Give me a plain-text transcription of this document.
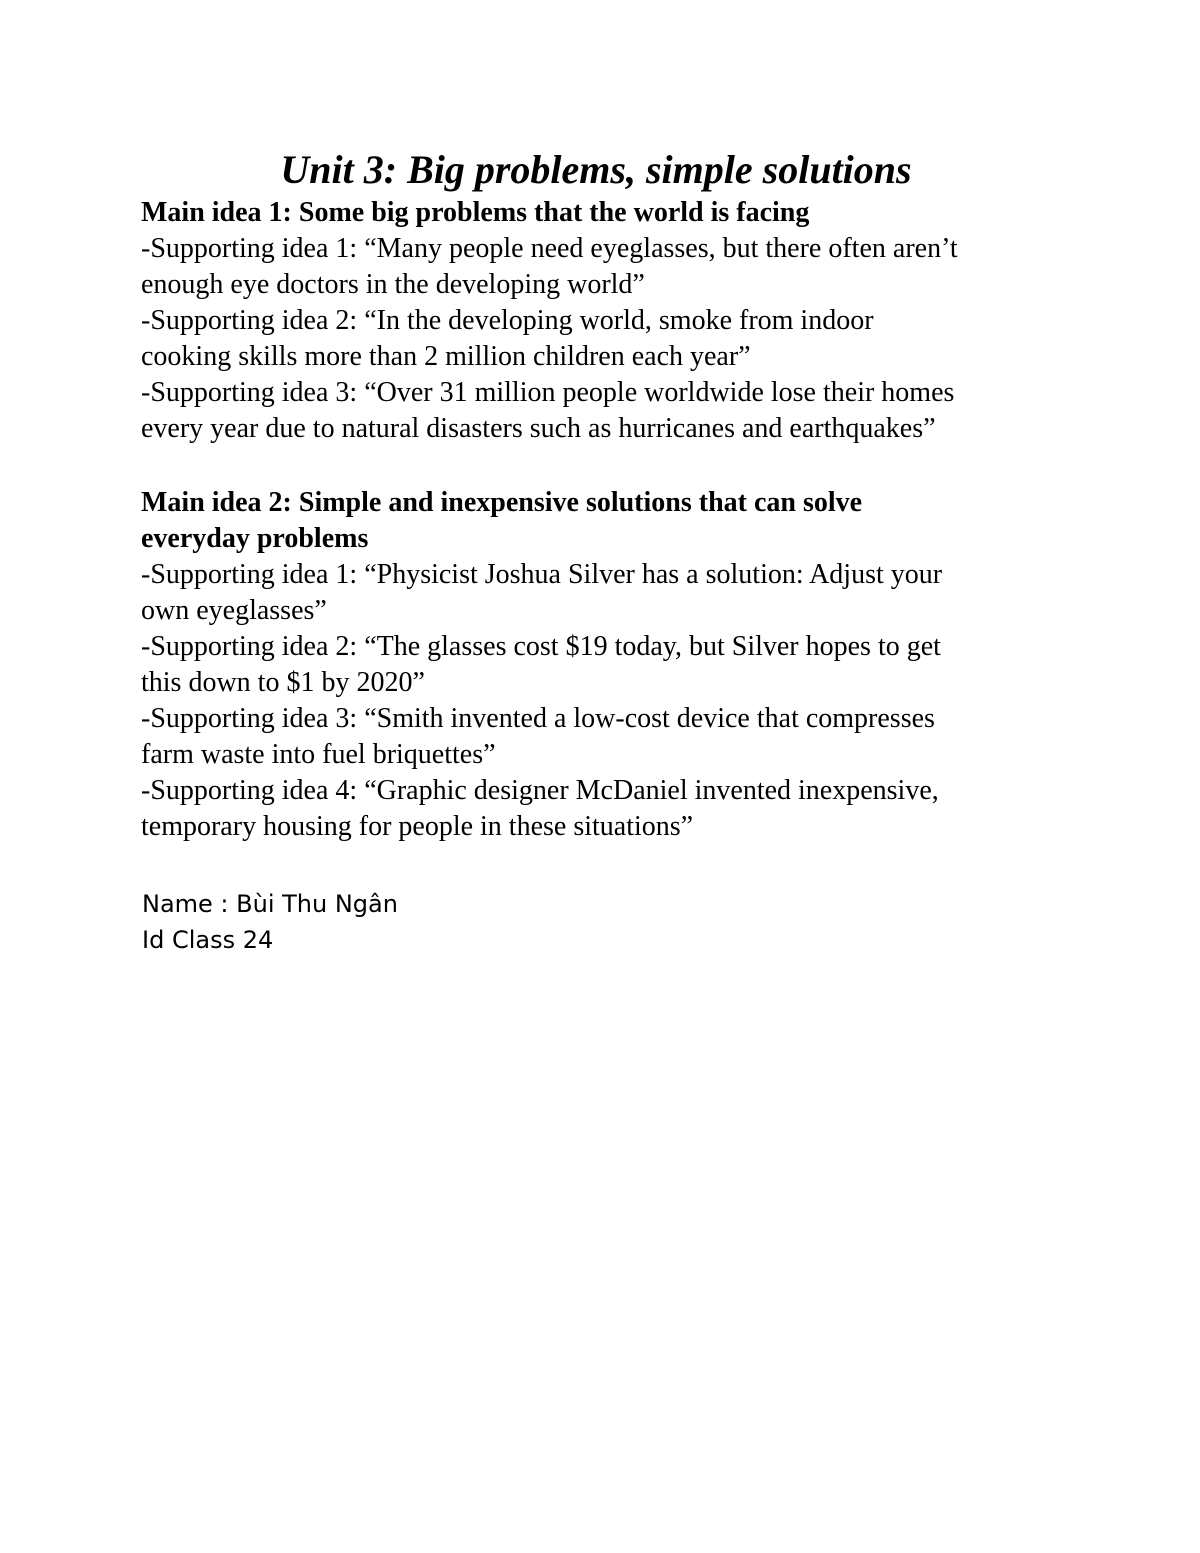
Unit 3: Big problems, simple solutions

Main idea 1: Some big problems that the world is facing

-Supporting idea 1: “Many people need eyeglasses, but there often aren’t

enough eye doctors in the developing world”

-Supporting idea 2: “In the developing world, smoke from indoor

cooking skills more than 2 million children each year”

-Supporting idea 3: “Over 31 million people worldwide lose their homes

every year due to natural disasters such as hurricanes and earthquakes”

Main idea 2: Simple and inexpensive solutions that can solve

everyday problems

-Supporting idea 1: “Physicist Joshua Silver has a solution: Adjust your

own eyeglasses”

-Supporting idea 2: “The glasses cost $19 today, but Silver hopes to get

this down to $1 by 2020”

-Supporting idea 3: “Smith invented a low-cost device that compresses

farm waste into fuel briquettes”

-Supporting idea 4: “Graphic designer McDaniel invented inexpensive,

temporary housing for people in these situations”

Name : Bùi Thu Ngân

Id Class 24
